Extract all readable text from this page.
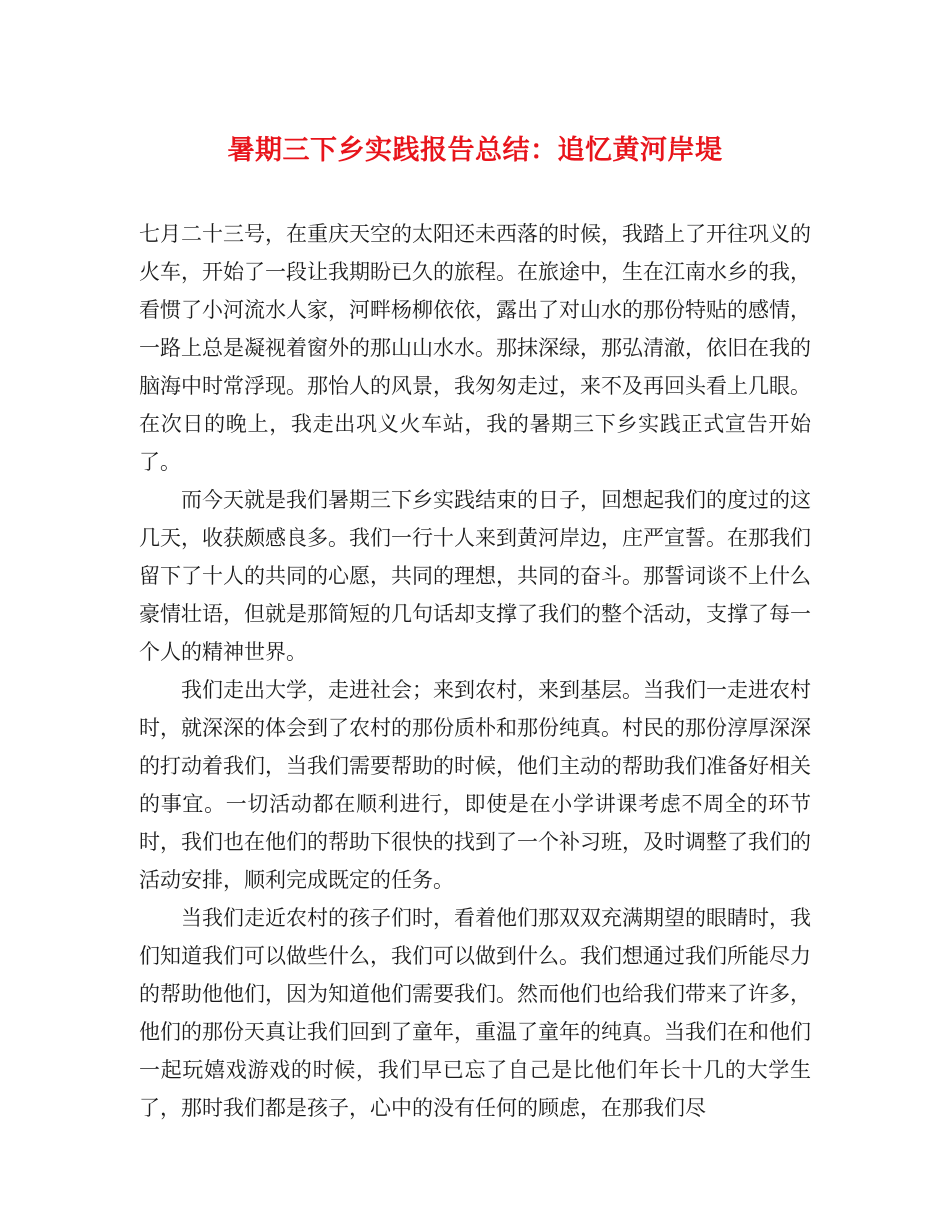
暑期三下乡实践报告总结：追忆黄河岸堤

七月二十三号，在重庆天空的太阳还未西落的时候，我踏上了开往巩义的火车，开始了一段让我期盼已久的旅程。在旅途中，生在江南水乡的我，看惯了小河流水人家，河畔杨柳依依，露出了对山水的那份特贴的感情，一路上总是凝视着窗外的那山山水水。那抹深绿，那弘清澈，依旧在我的脑海中时常浮现。那怡人的风景，我匆匆走过，来不及再回头看上几眼。在次日的晚上，我走出巩义火车站，我的暑期三下乡实践正式宣告开始了。

而今天就是我们暑期三下乡实践结束的日子，回想起我们的度过的这几天，收获颇感良多。我们一行十人来到黄河岸边，庄严宣誓。在那我们留下了十人的共同的心愿，共同的理想，共同的奋斗。那誓词谈不上什么豪情壮语，但就是那简短的几句话却支撑了我们的整个活动，支撑了每一个人的精神世界。

我们走出大学，走进社会；来到农村，来到基层。当我们一走进农村时，就深深的体会到了农村的那份质朴和那份纯真。村民的那份淳厚深深的打动着我们，当我们需要帮助的时候，他们主动的帮助我们准备好相关的事宜。一切活动都在顺利进行，即使是在小学讲课考虑不周全的环节时，我们也在他们的帮助下很快的找到了一个补习班，及时调整了我们的活动安排，顺利完成既定的任务。

当我们走近农村的孩子们时，看着他们那双双充满期望的眼睛时，我们知道我们可以做些什么，我们可以做到什么。我们想通过我们所能尽力的帮助他他们，因为知道他们需要我们。然而他们也给我们带来了许多，他们的那份天真让我们回到了童年，重温了童年的纯真。当我们在和他们一起玩嬉戏游戏的时候，我们早已忘了自己是比他们年长十几的大学生了，那时我们都是孩子，心中的没有任何的顾虑，在那我们尽
